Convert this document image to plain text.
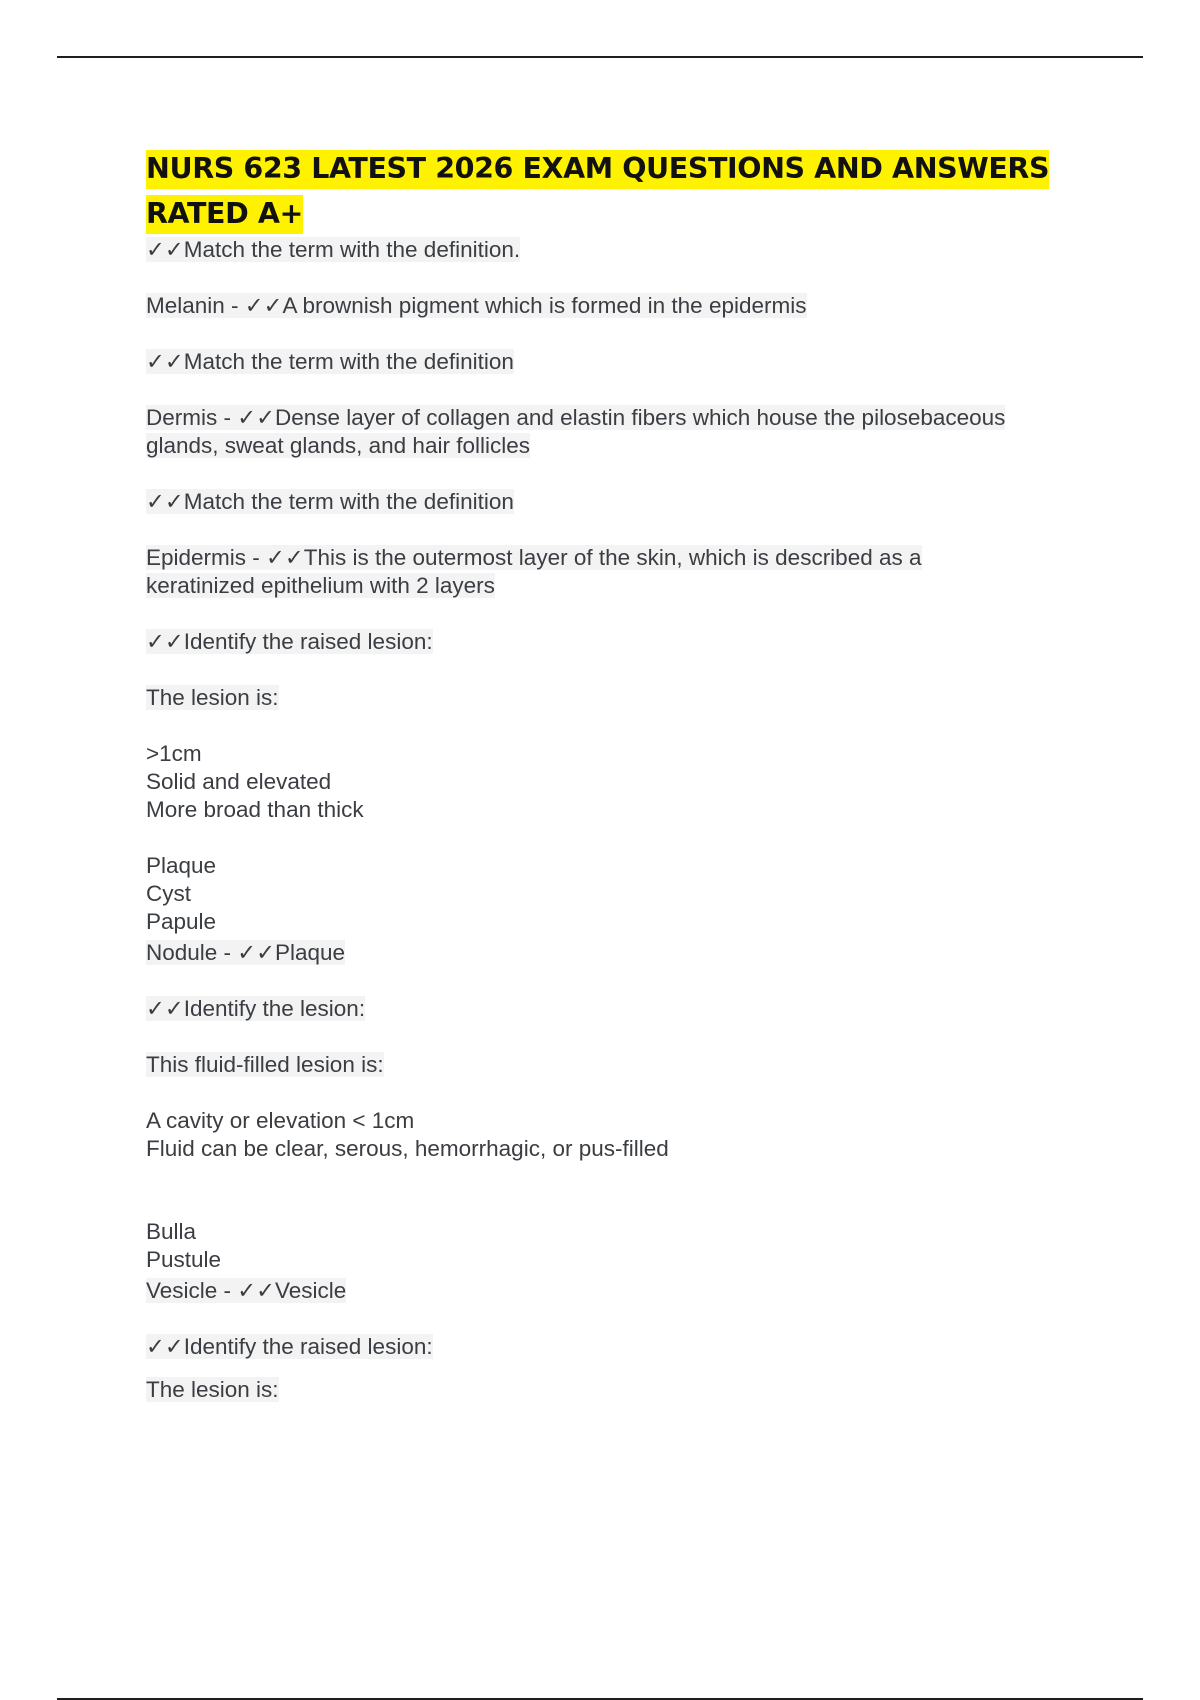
NURS 623 LATEST 2026 EXAM QUESTIONS AND ANSWERS RATED A+
✓✓Match the term with the definition.
Melanin - ✓✓A brownish pigment which is formed in the epidermis
✓✓Match the term with the definition
Dermis - ✓✓Dense layer of collagen and elastin fibers which house the pilosebaceous
glands, sweat glands, and hair follicles
✓✓Match the term with the definition
Epidermis - ✓✓This is the outermost layer of the skin, which is described as a
keratinized epithelium with 2 layers
✓✓Identify the raised lesion:
The lesion is:
>1cm
Solid and elevated
More broad than thick
Plaque
Cyst
Papule
Nodule - ✓✓Plaque
✓✓Identify the lesion:
This fluid-filled lesion is:
A cavity or elevation < 1cm
Fluid can be clear, serous, hemorrhagic, or pus-filled
Bulla
Pustule
Vesicle - ✓✓Vesicle
✓✓Identify the raised lesion:
The lesion is:
